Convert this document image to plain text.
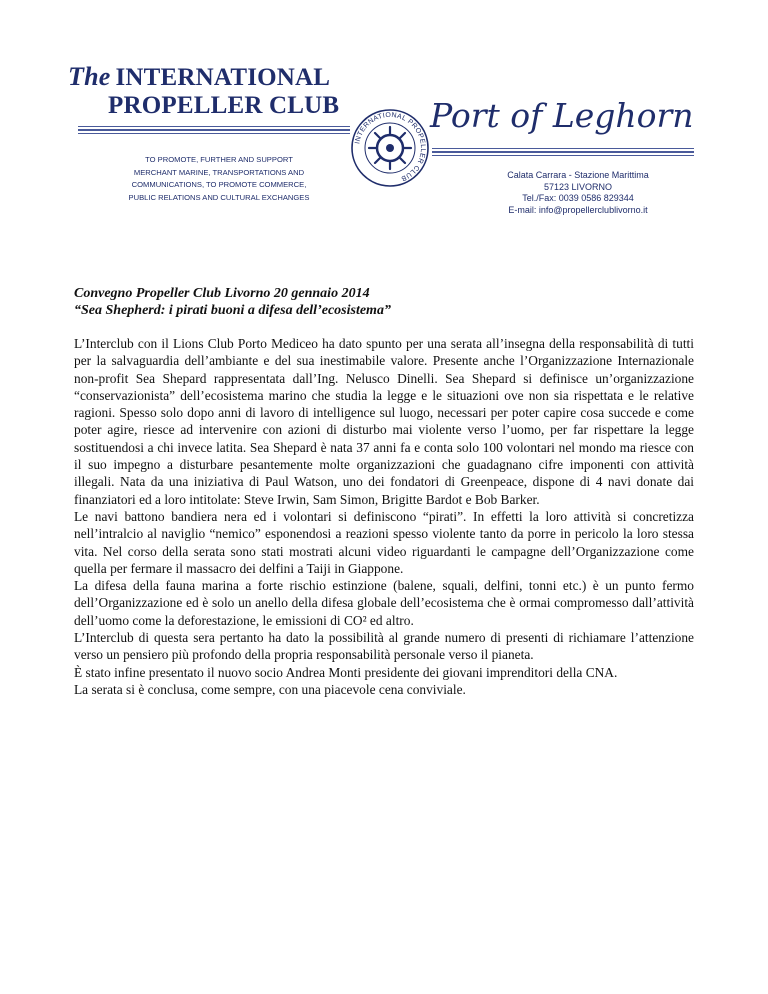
The INTERNATIONAL
PROPELLER CLUB
INTERNATIONAL PROPELLER CLUB
Port of Leghorn
TO PROMOTE, FURTHER AND SUPPORT
MERCHANT MARINE, TRANSPORTATIONS AND
COMMUNICATIONS, TO PROMOTE COMMERCE,
PUBLIC RELATIONS AND CULTURAL EXCHANGES
Calata Carrara - Stazione Marittima
57123 LIVORNO
Tel./Fax: 0039 0586 829344
E-mail: info@propellerclublivorno.it
Convegno Propeller Club Livorno 20 gennaio 2014
“Sea Shepherd: i pirati buoni a difesa dell’ecosistema”

L’Interclub con il Lions Club Porto Mediceo ha dato spunto per una serata all’insegna della responsabilità di tutti per la salvaguardia dell’ambiante e del sua inestimabile valore. Presente anche l’Organizzazione Internazionale non-profit Sea Shepard rappresentata dall’Ing. Nelusco Dinelli. Sea Shepard si definisce un’organizzazione “conservazionista” dell’ecosistema marino che studia la legge e le situazioni ove non sia rispettata e le relative ragioni. Spesso solo dopo anni di lavoro di intelligence sul luogo, necessari per poter capire cosa succede e come poter agire, riesce ad intervenire con azioni di disturbo mai violente verso l’uomo, per far rispettare la legge sostituendosi a chi invece latita. Sea Shepard è nata 37 anni fa e conta solo 100 volontari nel mondo ma riesce con il suo impegno a disturbare pesantemente molte organizzazioni che guadagnano cifre imponenti con attività illegali. Nata da una iniziativa di Paul Watson, uno dei fondatori di Greenpeace, dispone di 4 navi donate dai finanziatori ed a loro intitolate: Steve Irwin, Sam Simon, Brigitte Bardot e Bob Barker.

Le navi battono bandiera nera ed i volontari si definiscono “pirati”. In effetti la loro attività si concretizza nell’intralcio al naviglio “nemico” esponendosi a reazioni spesso violente tanto da porre in pericolo la loro stessa vita. Nel corso della serata sono stati mostrati alcuni video riguardanti le campagne dell’Organizzazione come quella per fermare il massacro dei delfini a Taiji in Giappone.

La difesa della fauna marina a forte rischio estinzione (balene, squali, delfini, tonni etc.) è un punto fermo dell’Organizzazione ed è solo un anello della difesa globale dell’ecosistema che è ormai compromesso dall’attività dell’uomo come la deforestazione, le emissioni di CO² ed altro.

L’Interclub di questa sera pertanto ha dato la possibilità al grande numero di presenti di richiamare l’attenzione verso un pensiero più profondo della propria responsabilità personale verso il pianeta.

È stato infine presentato il nuovo socio Andrea Monti presidente dei giovani imprenditori della CNA.

La serata si è conclusa, come sempre, con una piacevole cena conviviale.
